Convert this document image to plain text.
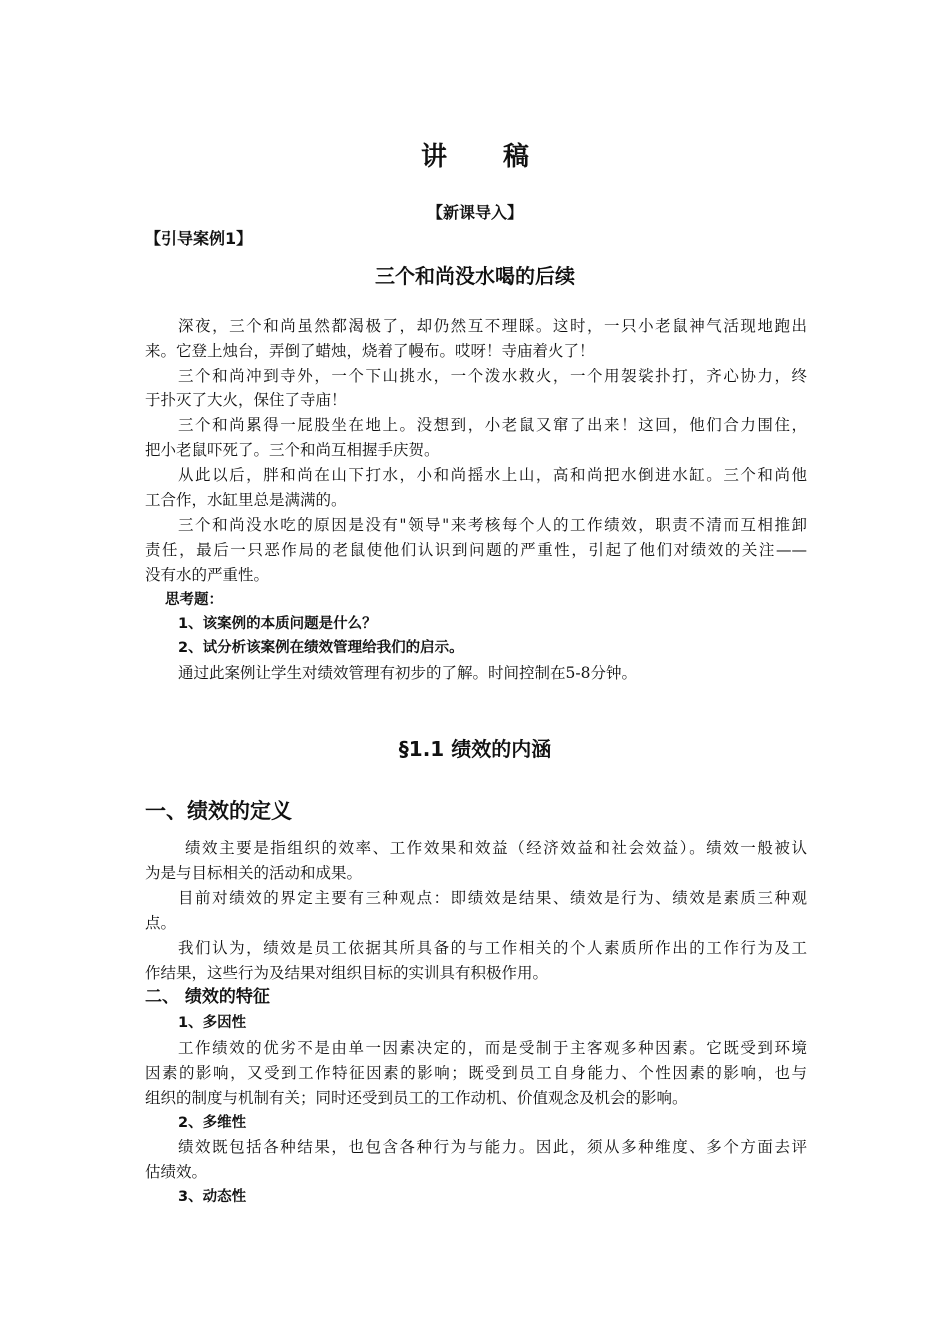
讲 稿
【新课导入】
【引导案例1】
三个和尚没水喝的后续
深夜，三个和尚虽然都渴极了，却仍然互不理睬。这时，一只小老鼠神气活现地跑出
来。它登上烛台，弄倒了蜡烛，烧着了幔布。哎呀！寺庙着火了！
三个和尚冲到寺外，一个下山挑水，一个泼水救火，一个用袈裟扑打，齐心协力，终
于扑灭了大火，保住了寺庙！
三个和尚累得一屁股坐在地上。没想到，小老鼠又窜了出来！这回，他们合力围住，
把小老鼠吓死了。三个和尚互相握手庆贺。
从此以后，胖和尚在山下打水，小和尚摇水上山，高和尚把水倒进水缸。三个和尚他
工合作，水缸里总是满满的。
三个和尚没水吃的原因是没有"领导"来考核每个人的工作绩效，职责不清而互相推卸
责任，最后一只恶作局的老鼠使他们认识到问题的严重性，引起了他们对绩效的关注——
没有水的严重性。
思考题：
1、该案例的本质问题是什么？
2、试分析该案例在绩效管理给我们的启示。
通过此案例让学生对绩效管理有初步的了解。时间控制在5-8分钟。
§1.1 绩效的内涵
一、绩效的定义
绩效主要是指组织的效率、工作效果和效益（经济效益和社会效益）。绩效一般被认
为是与目标相关的活动和成果。
目前对绩效的界定主要有三种观点：即绩效是结果、绩效是行为、绩效是素质三种观
点。
我们认为，绩效是员工依据其所具备的与工作相关的个人素质所作出的工作行为及工
作结果，这些行为及结果对组织目标的实训具有积极作用。
二、 绩效的特征
1、多因性
工作绩效的优劣不是由单一因素决定的，而是受制于主客观多种因素。它既受到环境
因素的影响，又受到工作特征因素的影响；既受到员工自身能力、个性因素的影响，也与
组织的制度与机制有关；同时还受到员工的工作动机、价值观念及机会的影响。
2、多维性
绩效既包括各种结果，也包含各种行为与能力。因此，须从多种维度、多个方面去评
估绩效。
3、动态性
